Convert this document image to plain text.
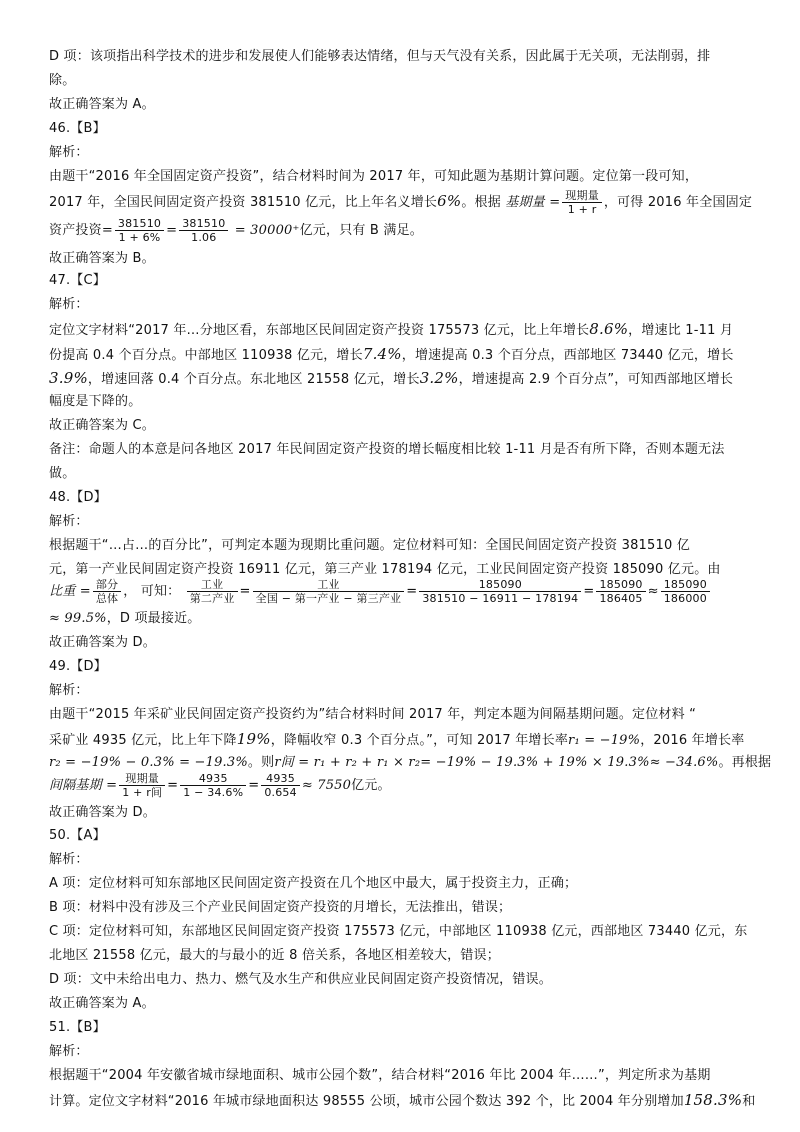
D 项：该项指出科学技术的进步和发展使人们能够表达情绪，但与天气没有关系，因此属于无关项，无法削弱，排
除。
故正确答案为 A。
46.【B】
解析：
由题干“2016 年全国固定资产投资”，结合材料时间为 2017 年，可知此题为基期计算问题。定位第一段可知，
2017 年，全国民间固定资产投资 381510 亿元，比上年名义增长6%。根据 基期量 = $\frac{\text{现期量}}{1 + r}$ ，可得 2016 年全国固定
资产投资= $\frac{381510}{1 + 6\%} = \frac{381510}{1.06} = 30000^+$亿元，只有 B 满足。
故正确答案为 B。
47.【C】
解析：
定位文字材料“2017 年…分地区看，东部地区民间固定资产投资 175573 亿元，比上年增长8.6%，增速比 1-11 月
份提高 0.4 个百分点。中部地区 110938 亿元，增长7.4%，增速提高 0.3 个百分点，西部地区 73440 亿元，增长
3.9%，增速回落 0.4 个百分点。东北地区 21558 亿元，增长3.2%，增速提高 2.9 个百分点”，可知西部地区增长
幅度是下降的。
故正确答案为 C。
备注：命题人的本意是问各地区 2017 年民间固定资产投资的增长幅度相比较 1-11 月是否有所下降，否则本题无法
做。
48.【D】
解析：
根据题干“…占…的百分比”，可判定本题为现期比重问题。定位材料可知：全国民间固定资产投资 381510 亿
元，第一产业民间固定资产投资 16911 亿元，第三产业 178194 亿元，工业民间固定资产投资 185090 亿元。由
比重 = $\frac{\text{部分}}{\text{总体}}$ ， 可知： $\frac{\text{工业}}{\text{第二产业}} = \frac{\text{工业}}{\text{全国 − 第一产业 − 第三产业}} = \frac{185090}{381510 - 16911 - 178194} = \frac{185090}{186405} \approx \frac{185090}{186000}$
≈ 99.5%，D 项最接近。
故正确答案为 D。
49.【D】
解析：
由题干“2015 年采矿业民间固定资产投资约为”结合材料时间 2017 年，判定本题为间隔基期问题。定位材料 “
采矿业 4935 亿元，比上年下降19%，降幅收窄 0.3 个百分点。”，可知 2017 年增长率r₁ = −19%，2016 年增长率
r₂ = −19% − 0.3% = −19.3%。则r间 = r₁ + r₂ + r₁ × r₂= −19% − 19.3% + 19% × 19.3%≈ −34.6%。再根据
间隔基期 = $\frac{\text{现期量}}{\text{1 + r间}} = \frac{4935}{1 - 34.6\%} = \frac{4935}{0.654} \approx 7550$亿元。
故正确答案为 D。
50.【A】
解析：
A 项：定位材料可知东部地区民间固定资产投资在几个地区中最大，属于投资主力，正确；
B 项：材料中没有涉及三个产业民间固定资产投资的月增长，无法推出，错误；
C 项：定位材料可知，东部地区民间固定资产投资 175573 亿元，中部地区 110938 亿元，西部地区 73440 亿元，东
北地区 21558 亿元，最大的与最小的近 8 倍关系，各地区相差较大，错误；
D 项：文中未给出电力、热力、燃气及水生产和供应业民间固定资产投资情况，错误。
故正确答案为 A。
51.【B】
解析：
根据题干“2004 年安徽省城市绿地面积、城市公园个数”，结合材料“2016 年比 2004 年……”，判定所求为基期
计算。定位文字材料“2016 年城市绿地面积达 98555 公顷，城市公园个数达 392 个，比 2004 年分别增加158.3%和
